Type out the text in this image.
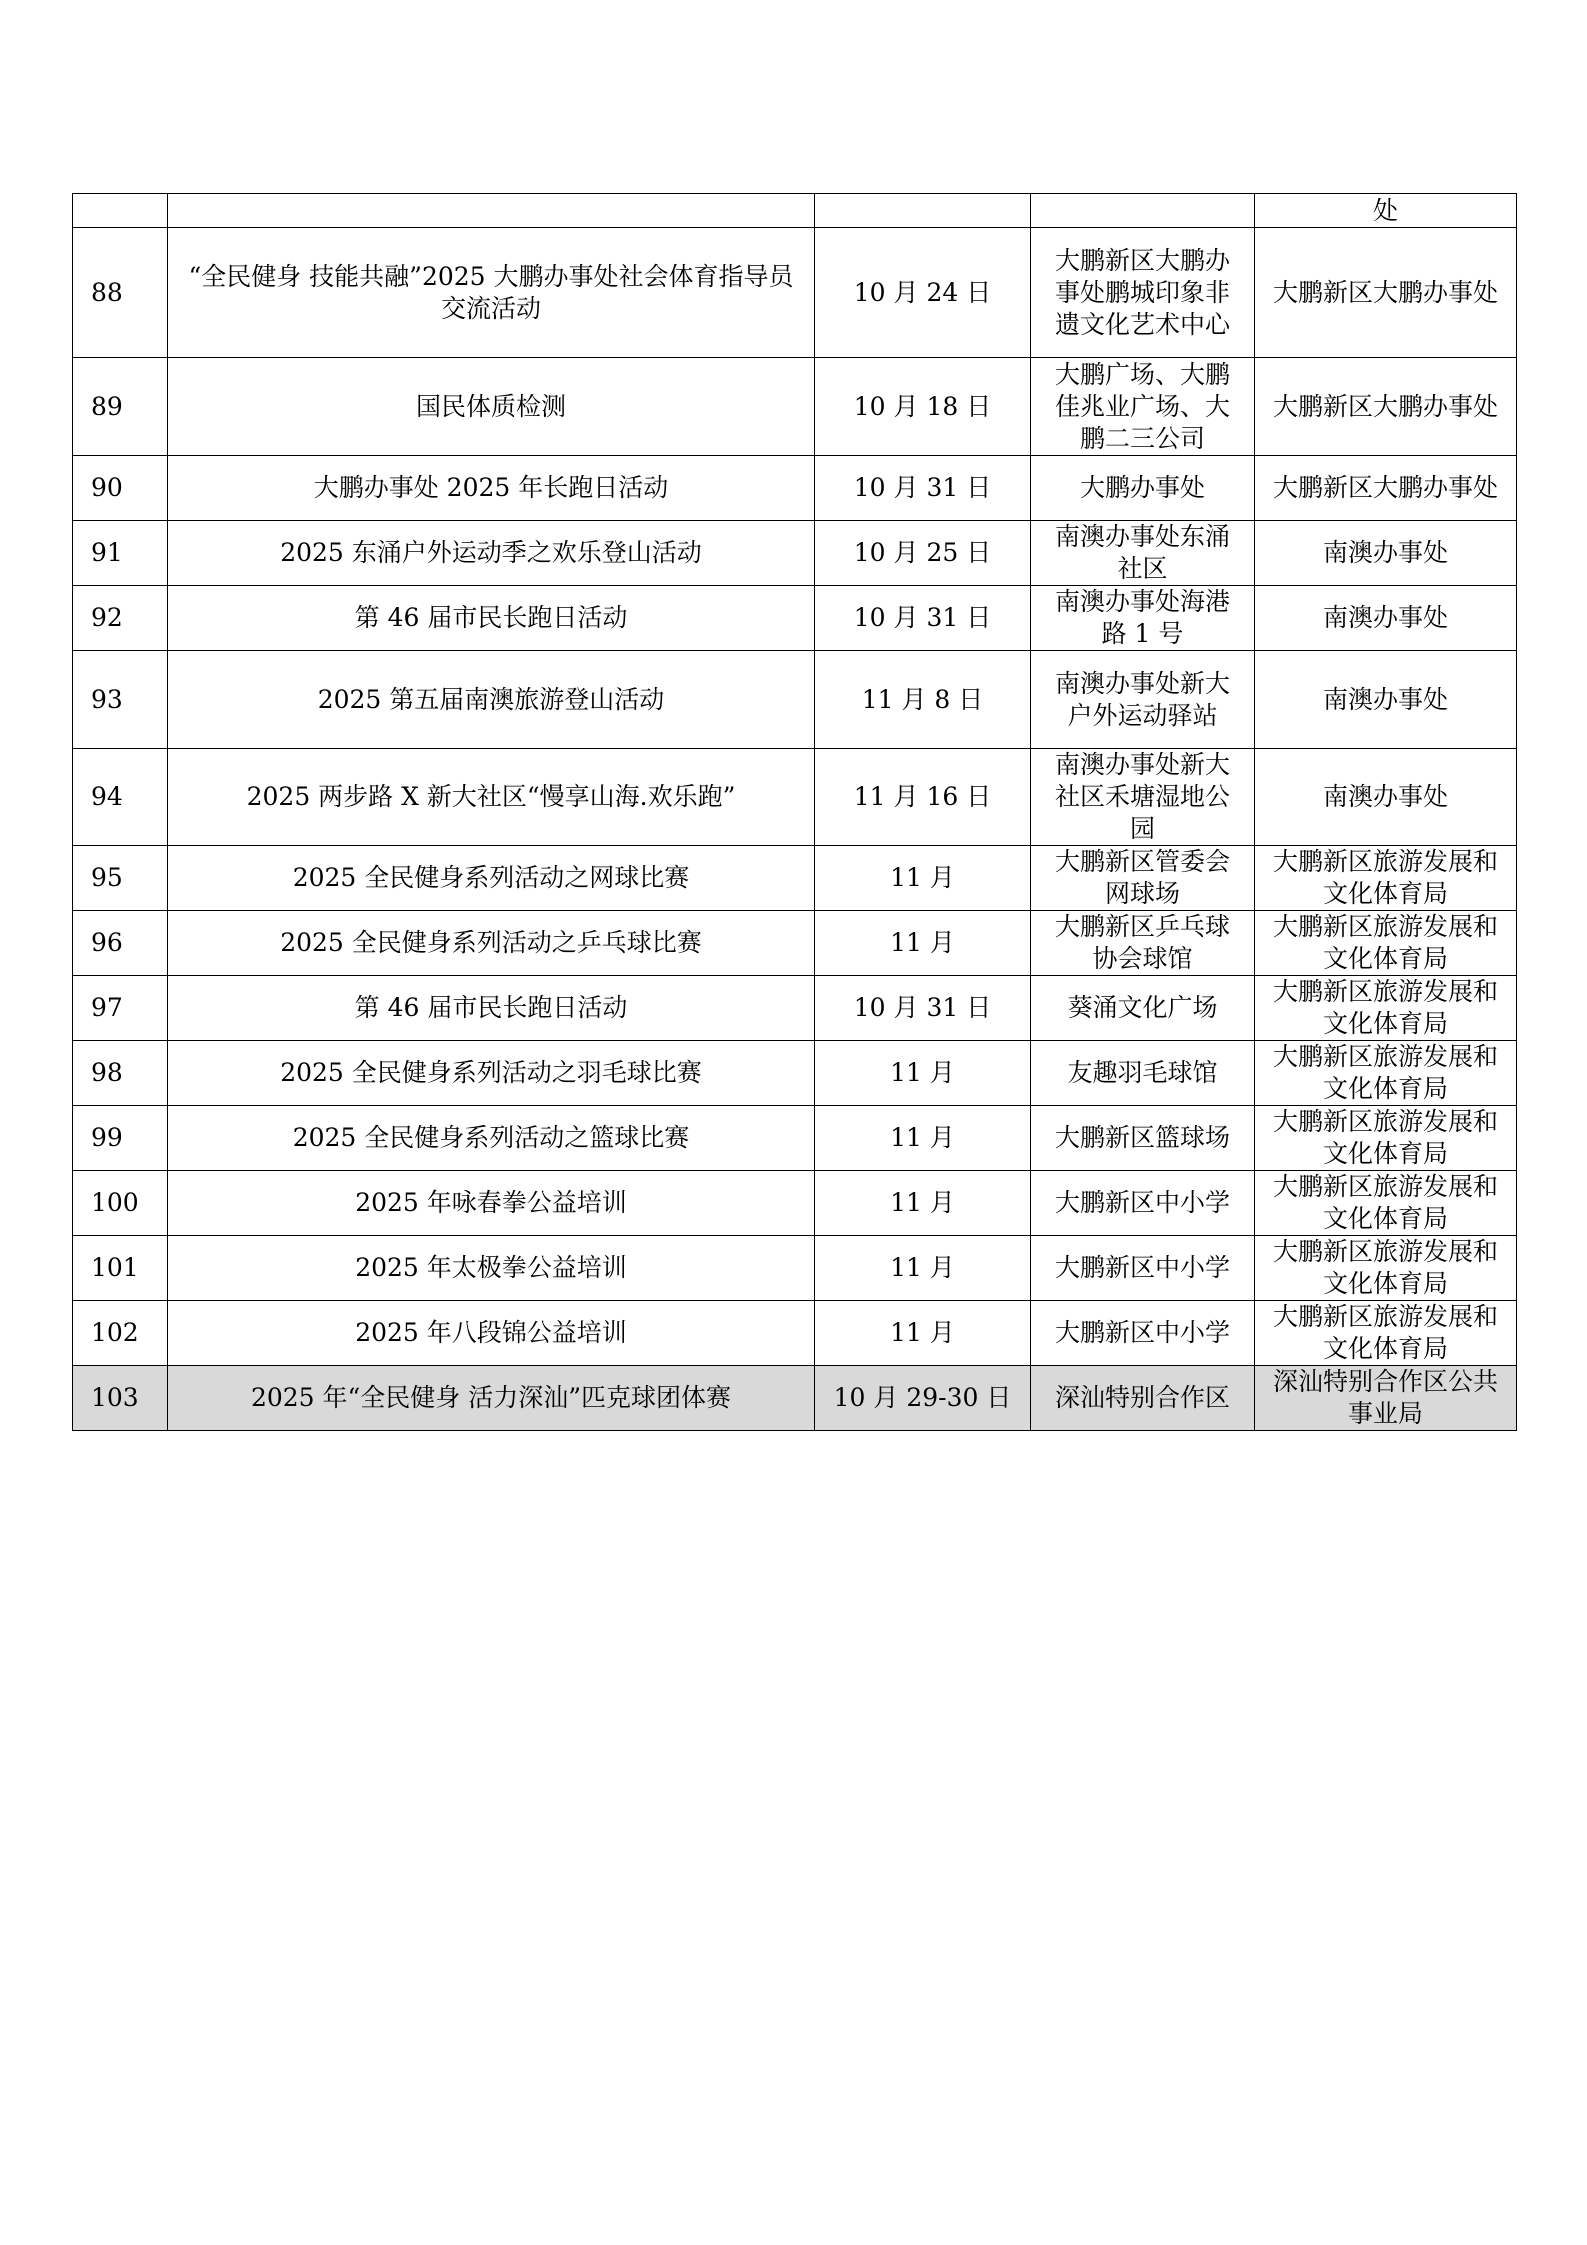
				处
88	“全民健身 技能共融”2025 大鹏办事处社会体育指导员交流活动	10 月 24 日	大鹏新区大鹏办事处鹏城印象非遗文化艺术中心	大鹏新区大鹏办事处
89	国民体质检测	10 月 18 日	大鹏广场、大鹏佳兆业广场、大鹏二三公司	大鹏新区大鹏办事处
90	大鹏办事处 2025 年长跑日活动	10 月 31 日	大鹏办事处	大鹏新区大鹏办事处
91	2025 东涌户外运动季之欢乐登山活动	10 月 25 日	南澳办事处东涌社区	南澳办事处
92	第 46 届市民长跑日活动	10 月 31 日	南澳办事处海港路 1 号	南澳办事处
93	2025 第五届南澳旅游登山活动	11 月 8 日	南澳办事处新大户外运动驿站	南澳办事处
94	2025 两步路 X 新大社区“慢享山海.欢乐跑”	11 月 16 日	南澳办事处新大社区禾塘湿地公园	南澳办事处
95	2025 全民健身系列活动之网球比赛	11 月	大鹏新区管委会网球场	大鹏新区旅游发展和文化体育局
96	2025 全民健身系列活动之乒乓球比赛	11 月	大鹏新区乒乓球协会球馆	大鹏新区旅游发展和文化体育局
97	第 46 届市民长跑日活动	10 月 31 日	葵涌文化广场	大鹏新区旅游发展和文化体育局
98	2025 全民健身系列活动之羽毛球比赛	11 月	友趣羽毛球馆	大鹏新区旅游发展和文化体育局
99	2025 全民健身系列活动之篮球比赛	11 月	大鹏新区篮球场	大鹏新区旅游发展和文化体育局
100	2025 年咏春拳公益培训	11 月	大鹏新区中小学	大鹏新区旅游发展和文化体育局
101	2025 年太极拳公益培训	11 月	大鹏新区中小学	大鹏新区旅游发展和文化体育局
102	2025 年八段锦公益培训	11 月	大鹏新区中小学	大鹏新区旅游发展和文化体育局
103	2025 年“全民健身 活力深汕”匹克球团体赛	10 月 29-30 日	深汕特别合作区	深汕特别合作区公共事业局
